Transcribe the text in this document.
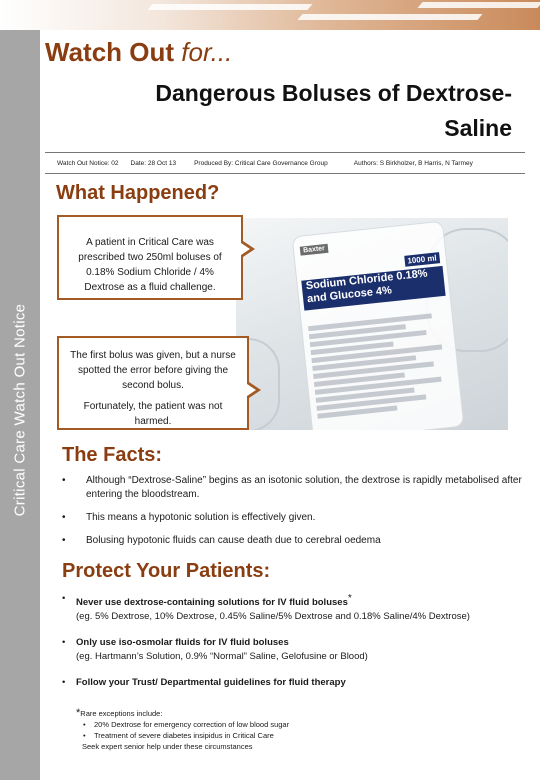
Critical Care Watch Out Notice
Watch Out for...
Dangerous Boluses of Dextrose-Saline
Watch Out Notice: 02 Date: 28 Oct 13	Produced By: Critical Care Governance Group	Authors: S Birkholzer, B Harris, N Tarmey
What Happened?
Baxter
1000 ml
Sodium Chloride 0.18% and Glucose 4%

A patient in Critical Care was prescribed two 250ml boluses of 0.18% Sodium Chloride / 4% Dextrose as a fluid challenge.

The first bolus was given, but a nurse spotted the error before giving the second bolus.

Fortunately, the patient was not harmed.

The Facts:
• Although “Dextrose-Saline” begins as an isotonic solution, the dextrose is rapidly metabolised after entering the bloodstream.
• This means a hypotonic solution is effectively given.
• Bolusing hypotonic fluids can cause death due to cerebral oedema
Protect Your Patients:
• Never use dextrose-containing solutions for IV fluid boluses*
(eg. 5% Dextrose, 10% Dextrose, 0.45% Saline/5% Dextrose and 0.18% Saline/4% Dextrose)
• Only use iso-osmolar fluids for IV fluid boluses
(eg. Hartmann’s Solution, 0.9% “Normal” Saline, Gelofusine or Blood)
• Follow your Trust/ Departmental guidelines for fluid therapy
*Rare exceptions include:
• 20% Dextrose for emergency correction of low blood sugar
• Treatment of severe diabetes insipidus in Critical Care
Seek expert senior help under these circumstances
